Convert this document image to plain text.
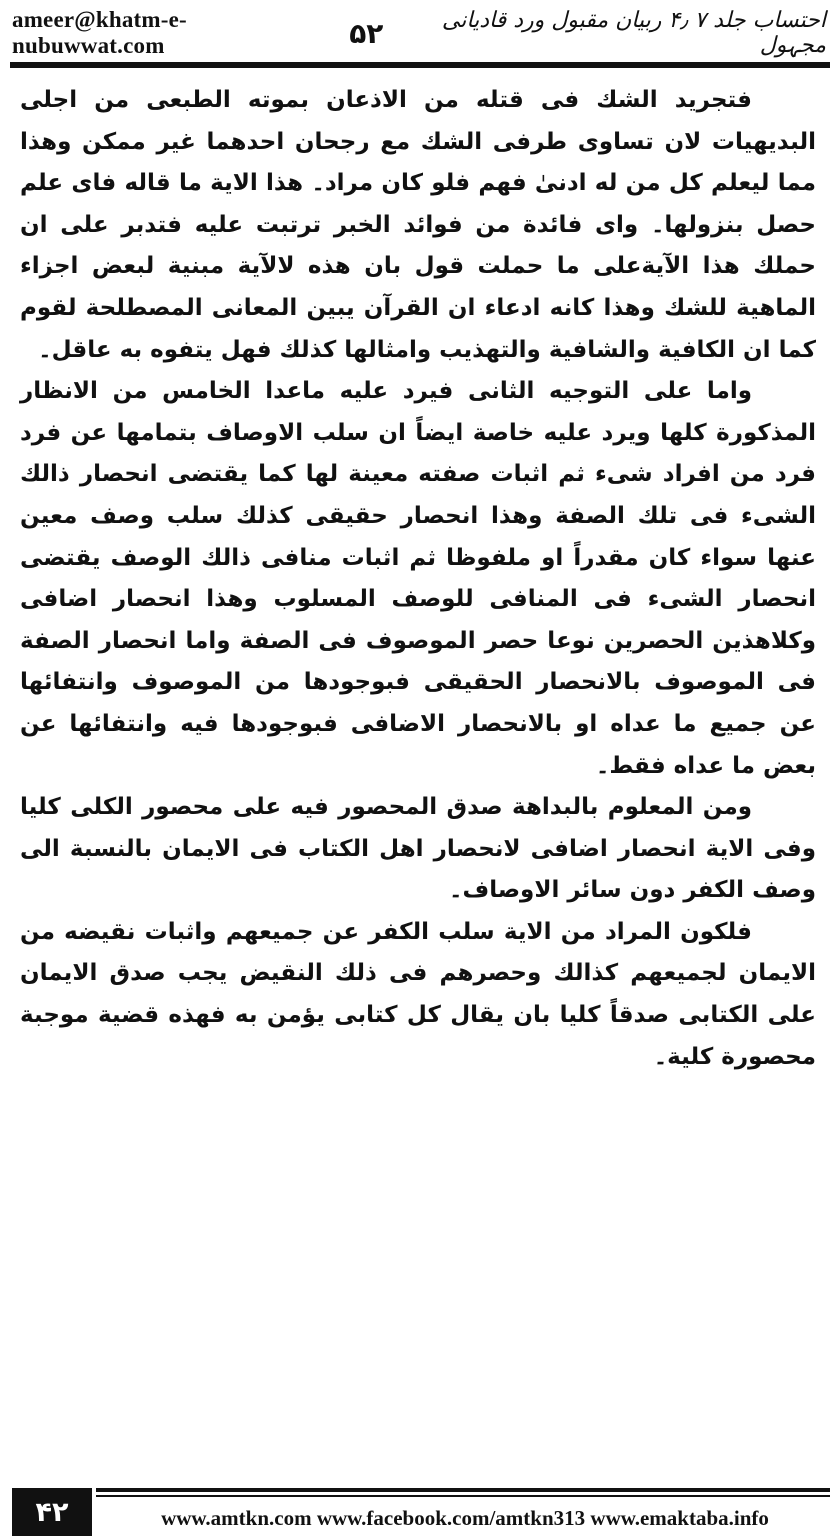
ameer@khatm-e-nubuwwat.com	۵۲	احتساب جلد ۷ ۴٫ ربیان مقبول ورد قادیانی مجہول

فتجريد الشك فى قتله من الاذعان بموته الطبعى من اجلى البديهيات لان تساوى طرفى الشك مع رجحان احدهما غير ممكن وهذا مما ليعلم كل من له ادنىٰ فهم فلو كان مراد۔ هذا الاية ما قاله فاى علم حصل بنزولها۔ واى فائدة من فوائد الخبر ترتبت عليه فتدبر على ان حملك هذا الآيةعلى ما حملت قول بان هذه لالآية مبنية لبعض اجزاء الماهية للشك وهذا كانه ادعاء ان القرآن يبين المعانى المصطلحة لقوم كما ان الكافية والشافية والتهذيب وامثالها كذلك فهل يتفوه به عاقل۔

واما على التوجيه الثانى فيرد عليه ماعدا الخامس من الانظار المذكورة كلها ويرد عليه خاصة ايضاً ان سلب الاوصاف بتمامها عن فرد فرد من افراد شىء ثم اثبات صفته معينة لها كما يقتضى انحصار ذالك الشىء فى تلك الصفة وهذا انحصار حقيقى كذلك سلب وصف معين عنها سواء كان مقدراً او ملفوظا ثم اثبات منافى ذالك الوصف يقتضى انحصار الشىء فى المنافى للوصف المسلوب وهذا انحصار اضافى وكلاهذين الحصرين نوعا حصر الموصوف فى الصفة واما انحصار الصفة فى الموصوف بالانحصار الحقيقى فبوجودها من الموصوف وانتفائها عن جميع ما عداه او بالانحصار الاضافى فبوجودها فيه وانتفائها عن بعض ما عداه فقط۔

ومن المعلوم بالبداهة صدق المحصور فيه على محصور الكلى كليا وفى الاية انحصار اضافى لانحصار اهل الكتاب فى الايمان بالنسبة الى وصف الكفر دون سائر الاوصاف۔

فلكون المراد من الاية سلب الكفر عن جميعهم واثبات نقيضه من الايمان لجميعهم كذالك وحصرهم فى ذلك النقيض يجب صدق الايمان على الكتابى صدقاً كليا بان يقال كل كتابى يؤمن به فهذه قضية موجبة محصورة كلية۔

۴۲	www.amtkn.com www.facebook.com/amtkn313 www.emaktaba.info
